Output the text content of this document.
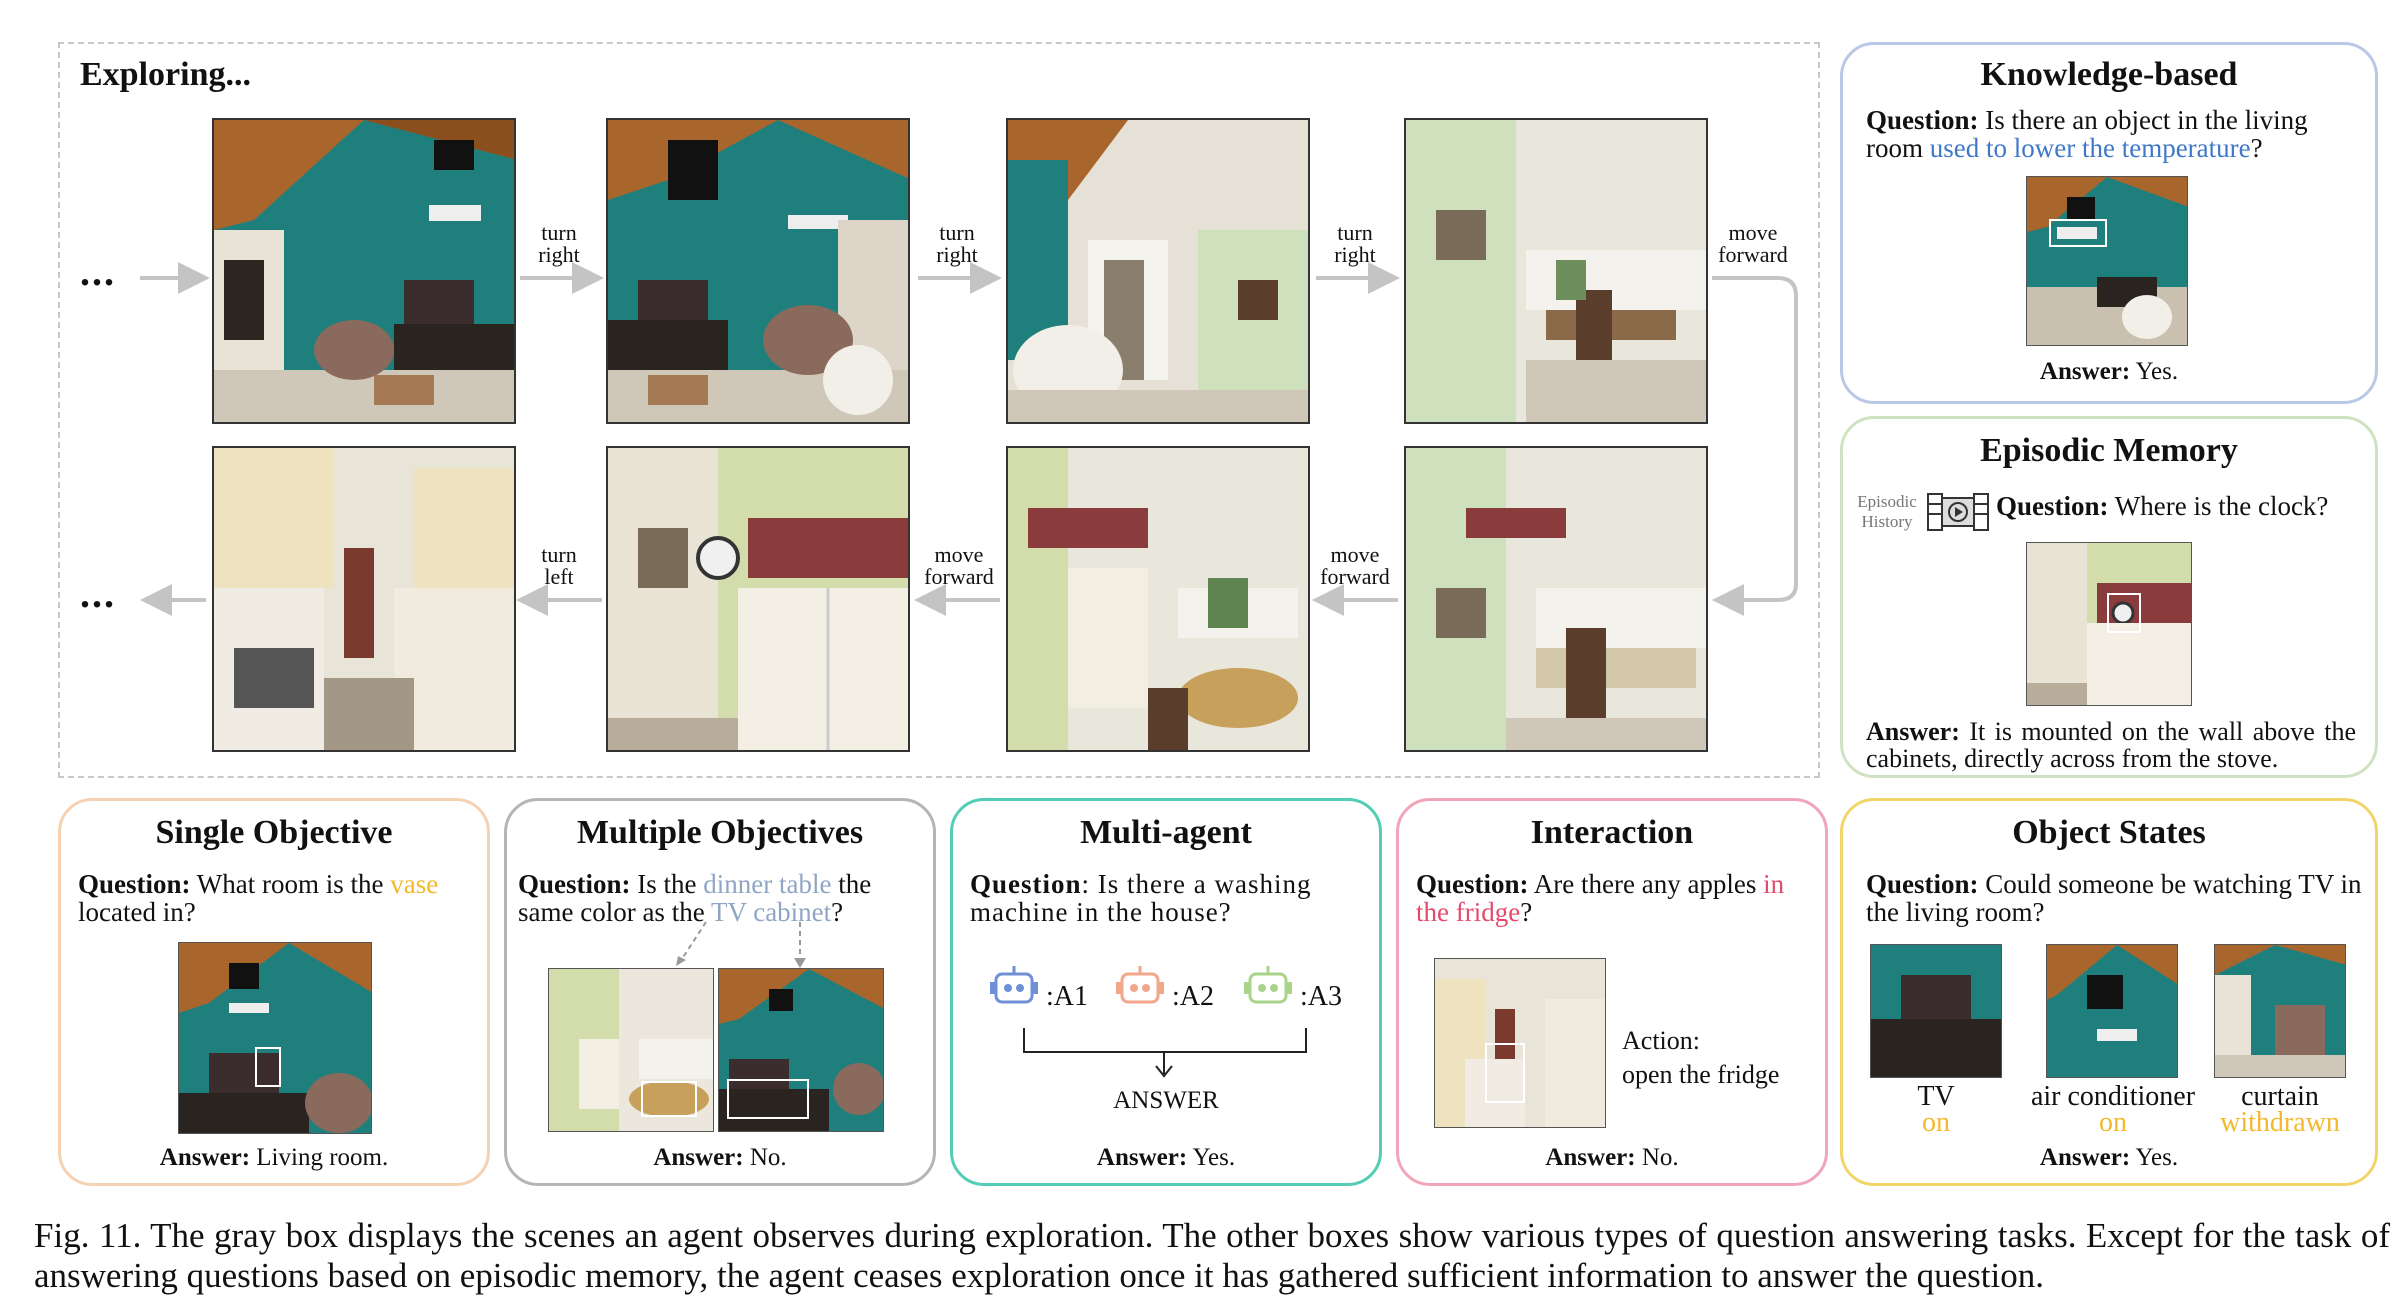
Exploring...
...
...
turn
right
turn
right
turn
right
move
forward
move
forward
move
forward
turn
left
Knowledge-based
Question: Is there an object in the living room used to lower the temperature?
Answer: Yes.
Episodic Memory
Episodic
History
Question: Where is the clock?
Answer: It is mounted on the wall above the cabinets, directly across from the stove.
Single Objective
Question: What room is the vase located in?
Answer: Living room.
Multiple Objectives
Question: Is the dinner table the same color as the TV cabinet?
Answer: No.
Multi-agent
Question: Is there a washing machine in the house?
:A1	:A2	:A3
ANSWER
Answer: Yes.
Interaction
Question: Are there any apples in the fridge?
Action:
open the fridge
Answer: No.
Object States
Question: Could someone be watching TV in the living room?
TV
on
air conditioner
on
curtain
withdrawn
Answer: Yes.
Fig. 11. The gray box displays the scenes an agent observes during exploration. The other boxes show various types of question answering tasks. Except for the task of answering questions based on episodic memory, the agent ceases exploration once it has gathered sufficient information to answer the question.
